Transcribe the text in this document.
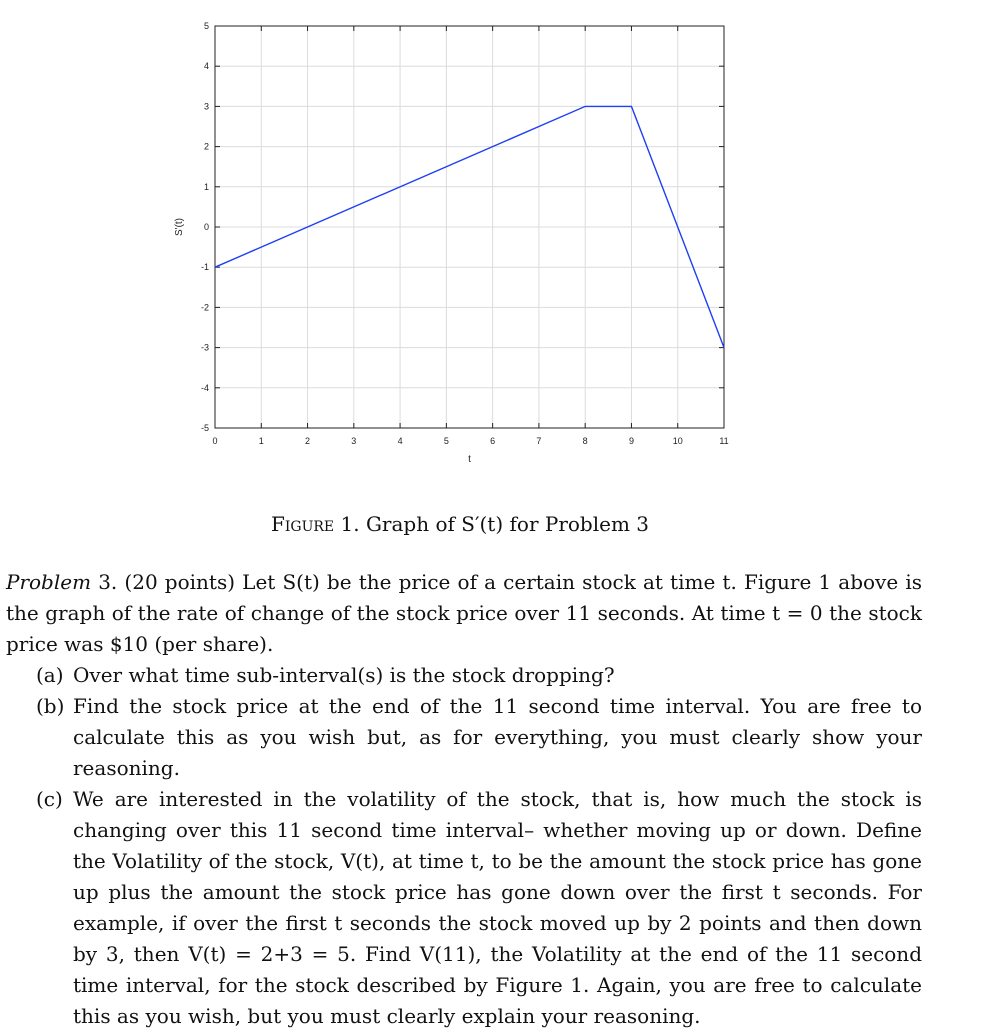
0	1	2	3	4	5	6	7	8	9	10	11
5
4
3
2
1
0
-1
-2
-3
-4
-5
t
S'(t)
Figure 1. Graph of S′(t) for Problem 3

Problem 3. (20 points) Let S(t) be the price of a certain stock at time t. Figure 1 above is the graph of the rate of change of the stock price over 11 seconds. At time t = 0 the stock price was $10 (per share).

(a) Over what time sub-interval(s) is the stock dropping?
(b) Find the stock price at the end of the 11 second time interval. You are free to calculate this as you wish but, as for everything, you must clearly show your reasoning.
(c) We are interested in the volatility of the stock, that is, how much the stock is changing over this 11 second time interval– whether moving up or down. Define the Volatility of the stock, V(t), at time t, to be the amount the stock price has gone up plus the amount the stock price has gone down over the first t seconds. For example, if over the first t seconds the stock moved up by 2 points and then down by 3, then V(t) = 2+3 = 5. Find V(11), the Volatility at the end of the 11 second time interval, for the stock described by Figure 1. Again, you are free to calculate this as you wish, but you must clearly explain your reasoning.
